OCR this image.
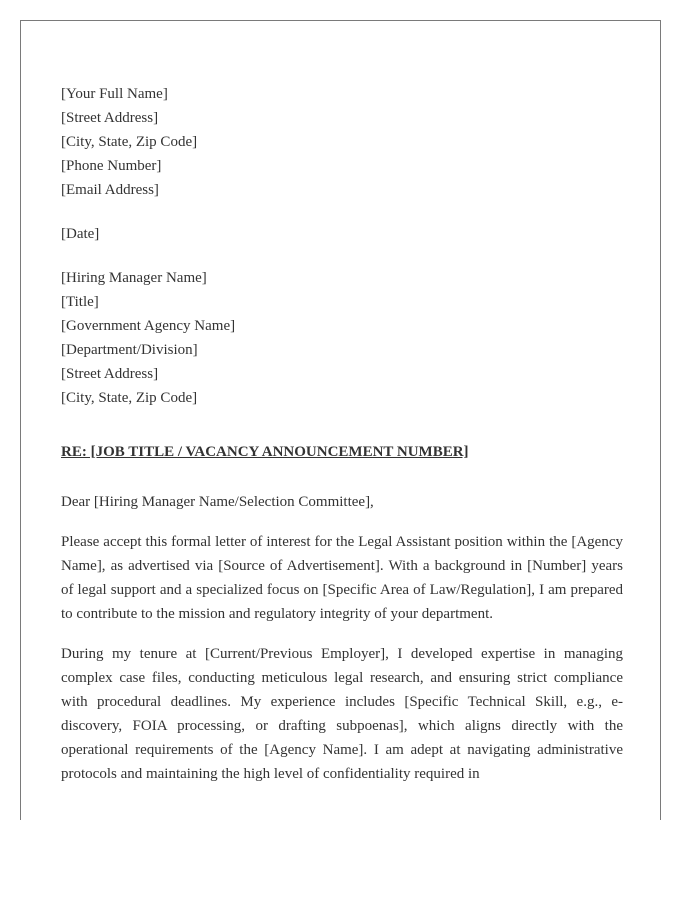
[Your Full Name]
[Street Address]
[City, State, Zip Code]
[Phone Number]
[Email Address]
[Date]
[Hiring Manager Name]
[Title]
[Government Agency Name]
[Department/Division]
[Street Address]
[City, State, Zip Code]
RE: [JOB TITLE / VACANCY ANNOUNCEMENT NUMBER]
Dear [Hiring Manager Name/Selection Committee],

Please accept this formal letter of interest for the Legal Assistant position within the [Agency Name], as advertised via [Source of Advertisement]. With a background in [Number] years of legal support and a specialized focus on [Specific Area of Law/Regulation], I am prepared to contribute to the mission and regulatory integrity of your department.

During my tenure at [Current/Previous Employer], I developed expertise in managing complex case files, conducting meticulous legal research, and ensuring strict compliance with procedural deadlines. My experience includes [Specific Technical Skill, e.g., e-discovery, FOIA processing, or drafting subpoenas], which aligns directly with the operational requirements of the [Agency Name]. I am adept at navigating administrative protocols and maintaining the high level of confidentiality required in
